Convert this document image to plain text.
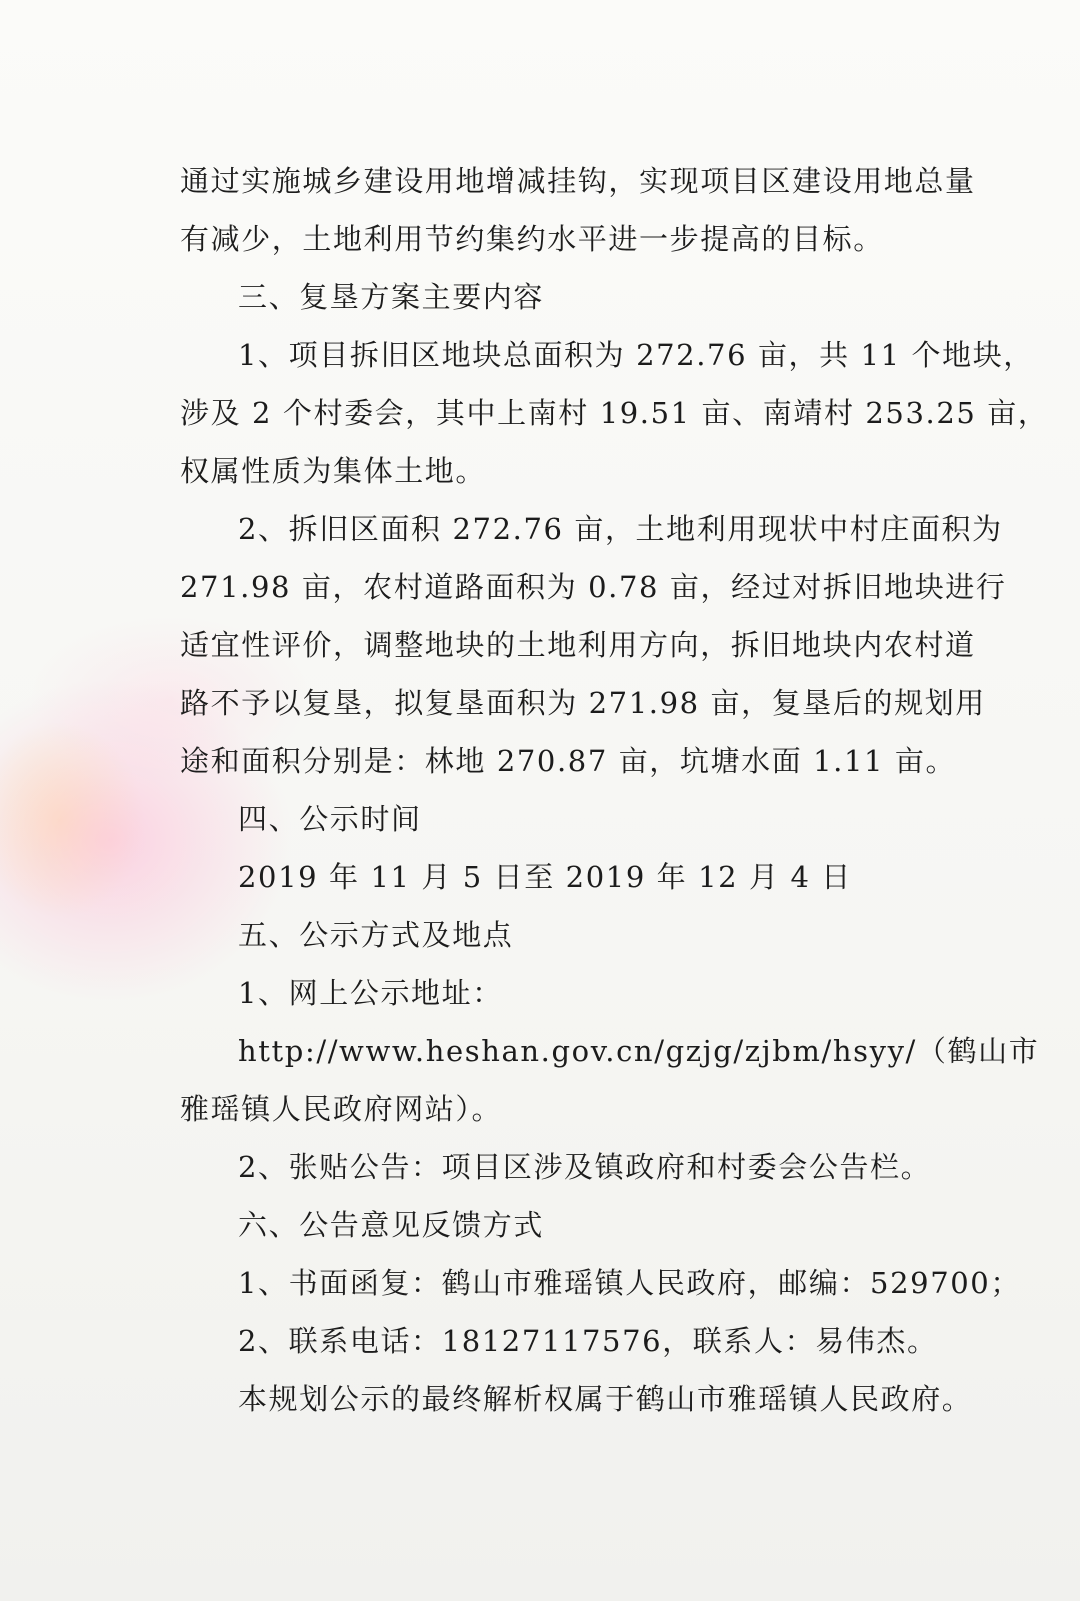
通过实施城乡建设用地增减挂钩，实现项目区建设用地总量

有减少，土地利用节约集约水平进一步提高的目标。

三、复垦方案主要内容

1、项目拆旧区地块总面积为 272.76 亩，共 11 个地块，

涉及 2 个村委会，其中上南村 19.51 亩、南靖村 253.25 亩，

权属性质为集体土地。

2、拆旧区面积 272.76 亩，土地利用现状中村庄面积为

271.98 亩，农村道路面积为 0.78 亩，经过对拆旧地块进行

适宜性评价，调整地块的土地利用方向，拆旧地块内农村道

路不予以复垦，拟复垦面积为 271.98 亩，复垦后的规划用

途和面积分别是：林地 270.87 亩，坑塘水面 1.11 亩。

四、公示时间

2019 年 11 月 5 日至 2019 年 12 月 4 日

五、公示方式及地点

1、网上公示地址：

http://www.heshan.gov.cn/gzjg/zjbm/hsyy/（鹤山市

雅瑶镇人民政府网站）。

2、张贴公告：项目区涉及镇政府和村委会公告栏。

六、公告意见反馈方式

1、书面函复：鹤山市雅瑶镇人民政府，邮编：529700；

2、联系电话：18127117576，联系人：易伟杰。

本规划公示的最终解析权属于鹤山市雅瑶镇人民政府。
